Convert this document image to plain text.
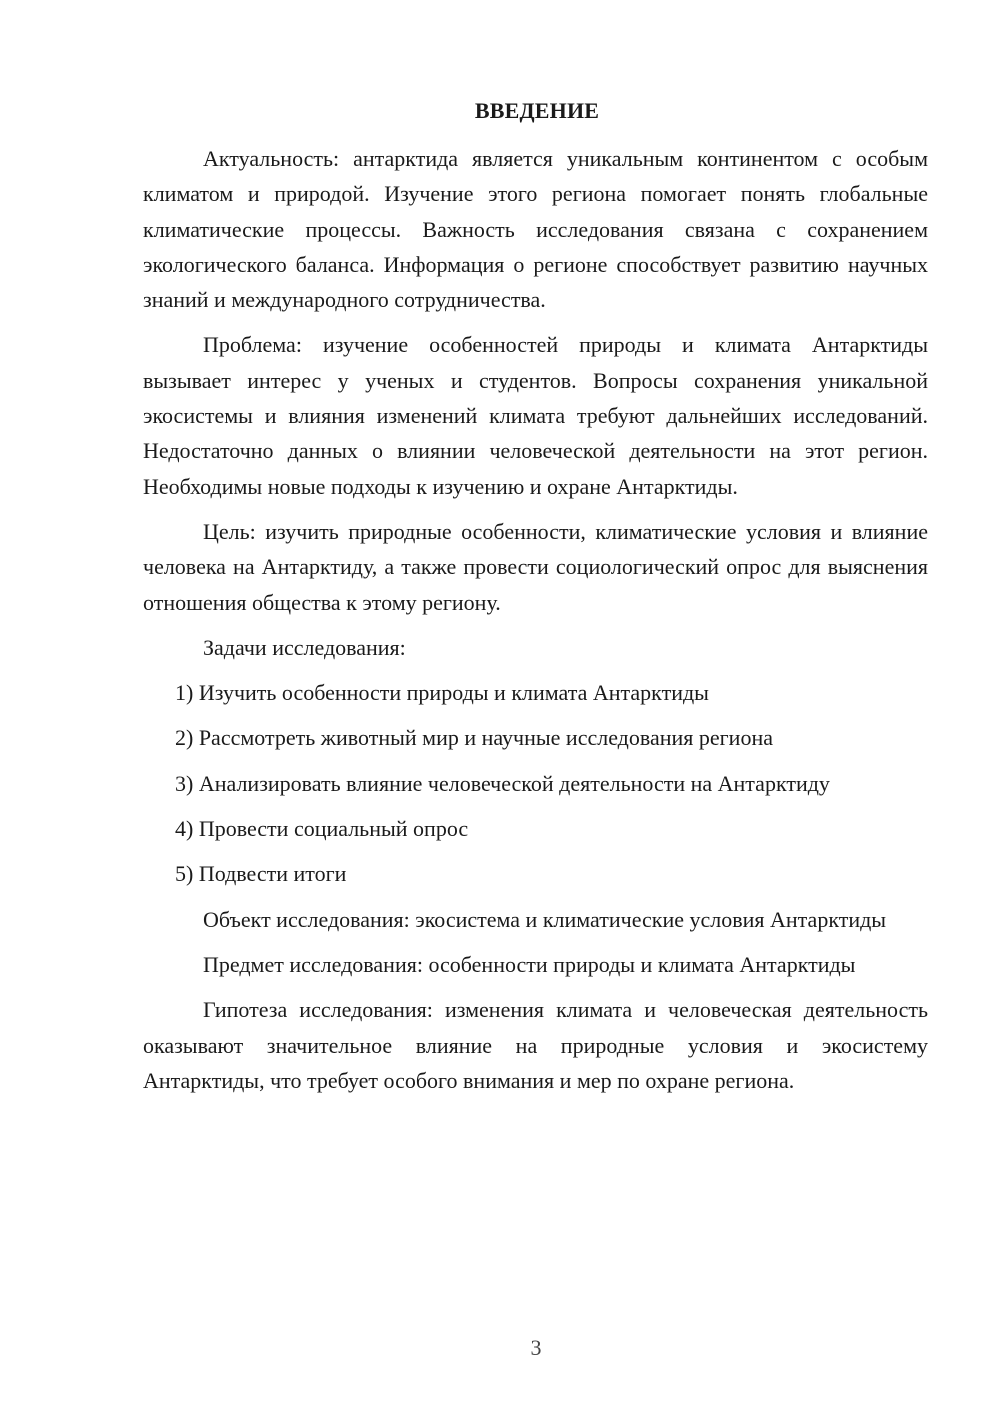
ВВЕДЕНИЕ

Актуальность: антарктида является уникальным континентом с особым климатом и природой. Изучение этого региона помогает понять глобальные климатические процессы. Важность исследования связана с сохранением экологического баланса. Информация о регионе способствует развитию научных знаний и международного сотрудничества.

Проблема: изучение особенностей природы и климата Антарктиды вызывает интерес у ученых и студентов. Вопросы сохранения уникальной экосистемы и влияния изменений климата требуют дальнейших исследований. Недостаточно данных о влиянии человеческой деятельности на этот регион. Необходимы новые подходы к изучению и охране Антарктиды.

Цель: изучить природные особенности, климатические условия и влияние человека на Антарктиду, а также провести социологический опрос для выяснения отношения общества к этому региону.

Задачи исследования:

1) Изучить особенности природы и климата Антарктиды

2) Рассмотреть животный мир и научные исследования региона

3) Анализировать влияние человеческой деятельности на Антарктиду

4) Провести социальный опрос

5) Подвести итоги

Объект исследования: экосистема и климатические условия Антарктиды

Предмет исследования: особенности природы и климата Антарктиды

Гипотеза исследования: изменения климата и человеческая деятельность оказывают значительное влияние на природные условия и экосистему Антарктиды, что требует особого внимания и мер по охране региона.

3
